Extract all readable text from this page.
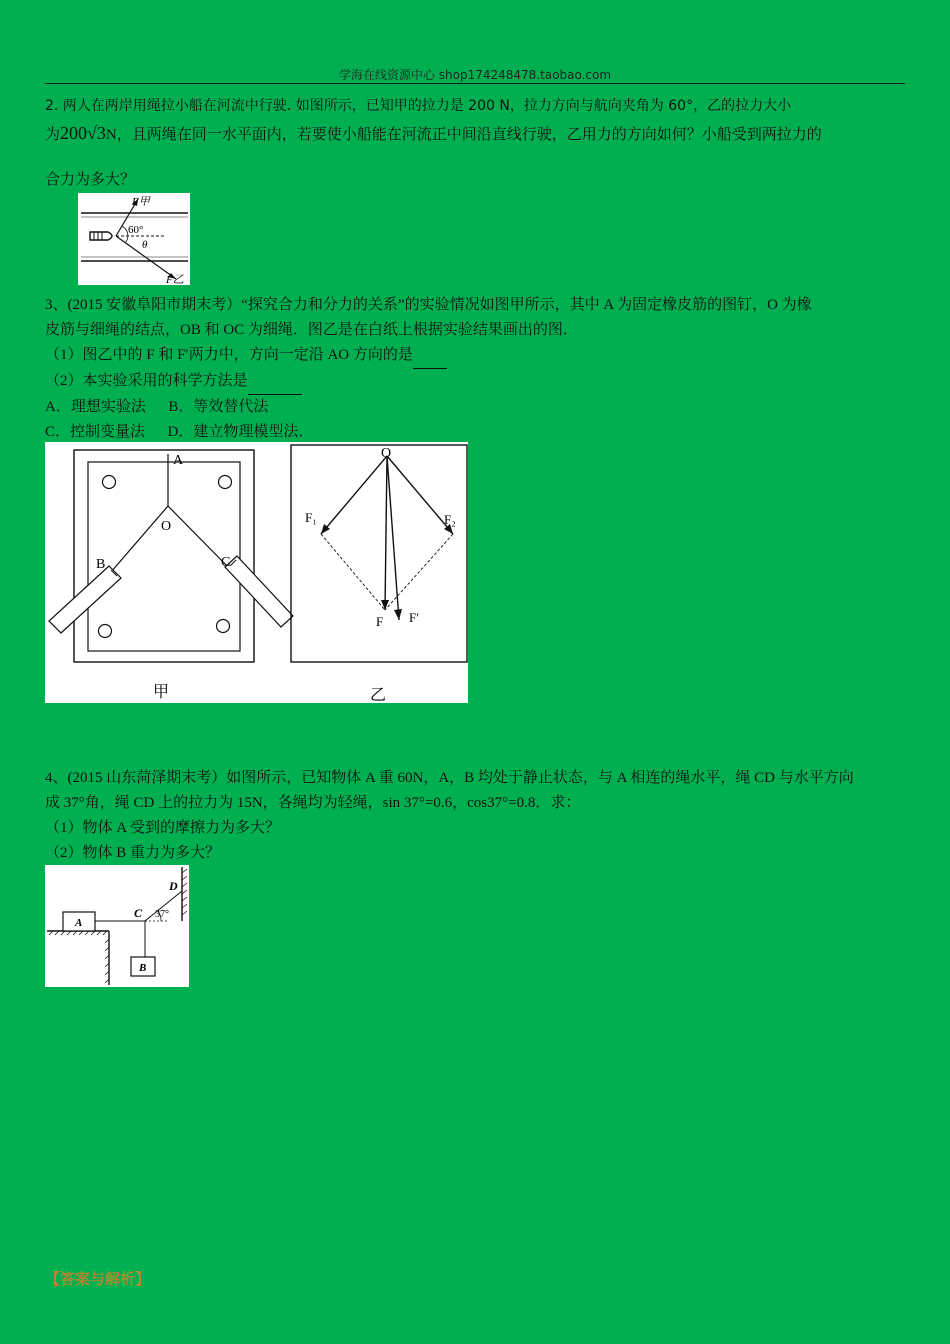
学海在线资源中心 shop174248478.taobao.com

2. 两人在两岸用绳拉小船在河流中行驶. 如图所示，已知甲的拉力是 200 N，拉力方向与航向夹角为 60°，乙的拉力大小

为200√3N，且两绳在同一水平面内，若要使小船能在河流正中间沿直线行驶，乙用力的方向如何？小船受到两拉力的

合力为多大？

F甲
60°
θ
F乙

3、(2015 安徽阜阳市期末考）“探究合力和分力的关系”的实验情况如图甲所示，其中 A 为固定橡皮筋的图钉，O 为橡

皮筋与细绳的结点，OB 和 OC 为细绳．图乙是在白纸上根据实验结果画出的图．

（1）图乙中的 F 和 F′两力中，方向一定沿 AO 方向的是

（2）本实验采用的科学方法是

A．理想实验法 B．等效替代法

C．控制变量法 D．建立物理模型法．

A
O
B	C
甲
O
F₁	F₂
F F′
乙

4、(2015 山东菏泽期末考）如图所示，已知物体 A 重 60N，A，B 均处于静止状态，与 A 相连的绳水平，绳 CD 与水平方向

成 37°角，绳 CD 上的拉力为 15N，各绳均为轻绳，sin 37°=0.6，cos37°=0.8．求：

（1）物体 A 受到的摩擦力为多大？

（2）物体 B 重力为多大？

A
B
C
D
37°
【答案与解析】
